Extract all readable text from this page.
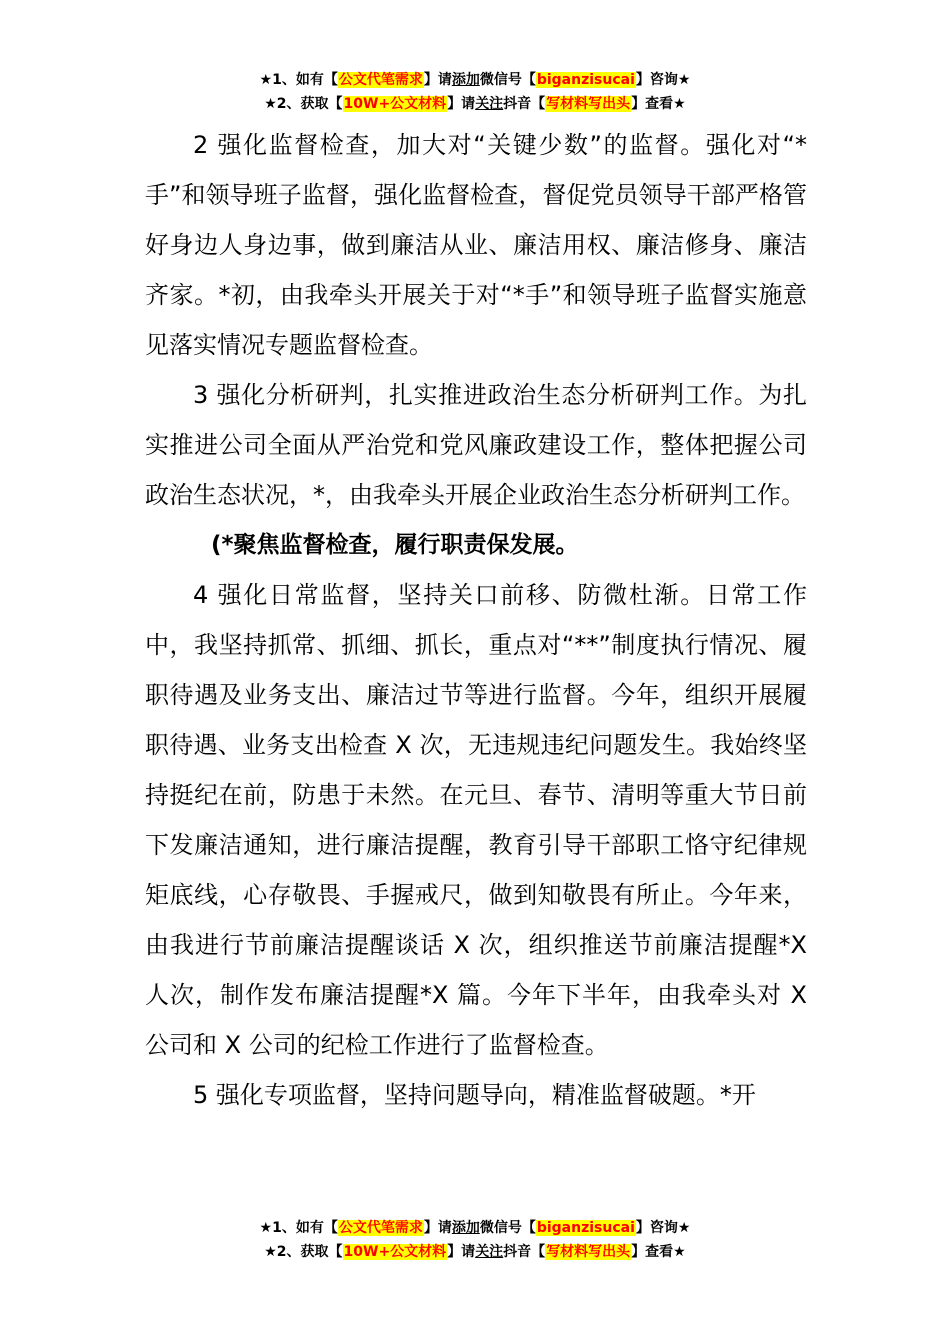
★1、如有【公文代笔需求】请添加微信号【biganzisucai】咨询★
★2、获取【10W+公文材料】请关注抖音【写材料写出头】查看★

2 强化监督检查，加大对“关键少数”的监督。强化对“*手”和领导班子监督，强化监督检查，督促党员领导干部严格管好身边人身边事，做到廉洁从业、廉洁用权、廉洁修身、廉洁齐家。*初，由我牵头开展关于对“*手”和领导班子监督实施意见落实情况专题监督检查。

3 强化分析研判，扎实推进政治生态分析研判工作。为扎实推进公司全面从严治党和党风廉政建设工作，整体把握公司政治生态状况，*，由我牵头开展企业政治生态分析研判工作。

(*聚焦监督检查，履行职责保发展。

4 强化日常监督，坚持关口前移、防微杜渐。日常工作中，我坚持抓常、抓细、抓长，重点对“**”制度执行情况、履职待遇及业务支出、廉洁过节等进行监督。今年，组织开展履职待遇、业务支出检查 X 次，无违规违纪问题发生。我始终坚持挺纪在前，防患于未然。在元旦、春节、清明等重大节日前下发廉洁通知，进行廉洁提醒，教育引导干部职工恪守纪律规矩底线，心存敬畏、手握戒尺，做到知敬畏有所止。今年来，由我进行节前廉洁提醒谈话 X 次，组织推送节前廉洁提醒*X 人次，制作发布廉洁提醒*X 篇。今年下半年，由我牵头对 X 公司和 X 公司的纪检工作进行了监督检查。

5 强化专项监督，坚持问题导向，精准监督破题。*开

★1、如有【公文代笔需求】请添加微信号【biganzisucai】咨询★
★2、获取【10W+公文材料】请关注抖音【写材料写出头】查看★
